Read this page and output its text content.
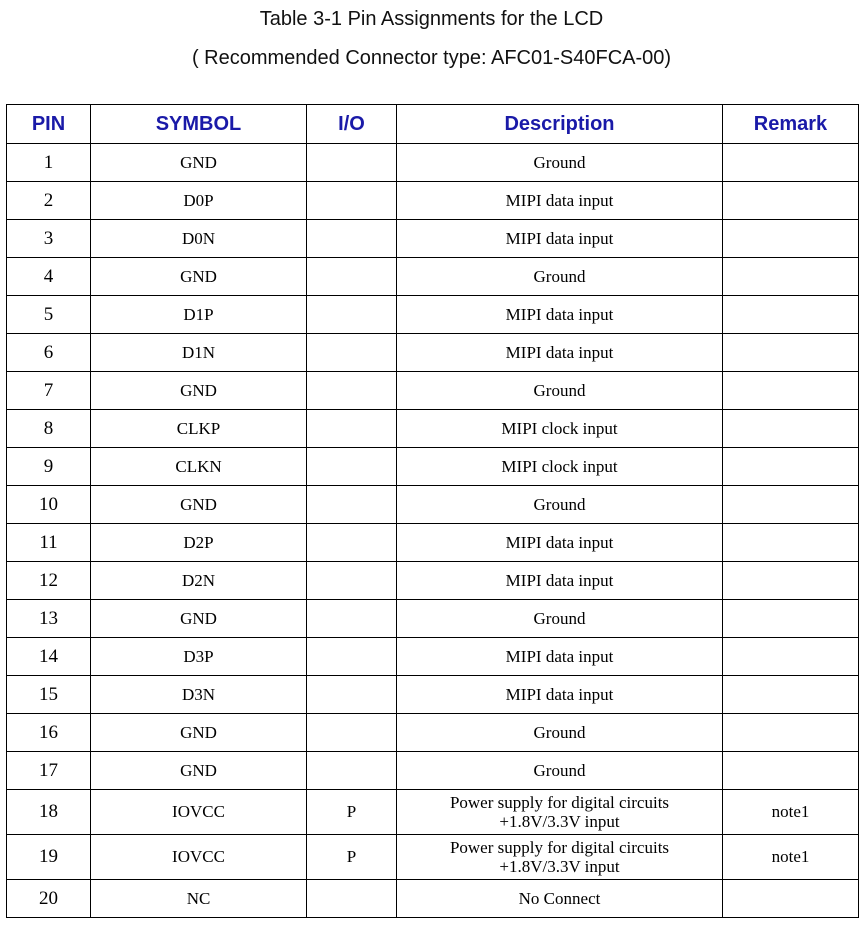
Table 3-1 Pin Assignments for the LCD
( Recommended Connector type: AFC01-S40FCA-00)
PIN	SYMBOL	I/O	Description	Remark
1	GND		Ground	

2	D0P		MIPI data input	

3	D0N		MIPI data input	

4	GND		Ground	

5	D1P		MIPI data input	

6	D1N		MIPI data input	

7	GND		Ground	

8	CLKP		MIPI clock input	

9	CLKN		MIPI clock input	

10	GND		Ground	

11	D2P		MIPI data input	

12	D2N		MIPI data input	

13	GND		Ground	

14	D3P		MIPI data input	

15	D3N		MIPI data input	

16	GND		Ground	

17	GND		Ground	

18	IOVCC	P	Power supply for digital circuits
+1.8V/3.3V input	note1
19	IOVCC	P	Power supply for digital circuits
+1.8V/3.3V input	note1
20	NC		No Connect	
